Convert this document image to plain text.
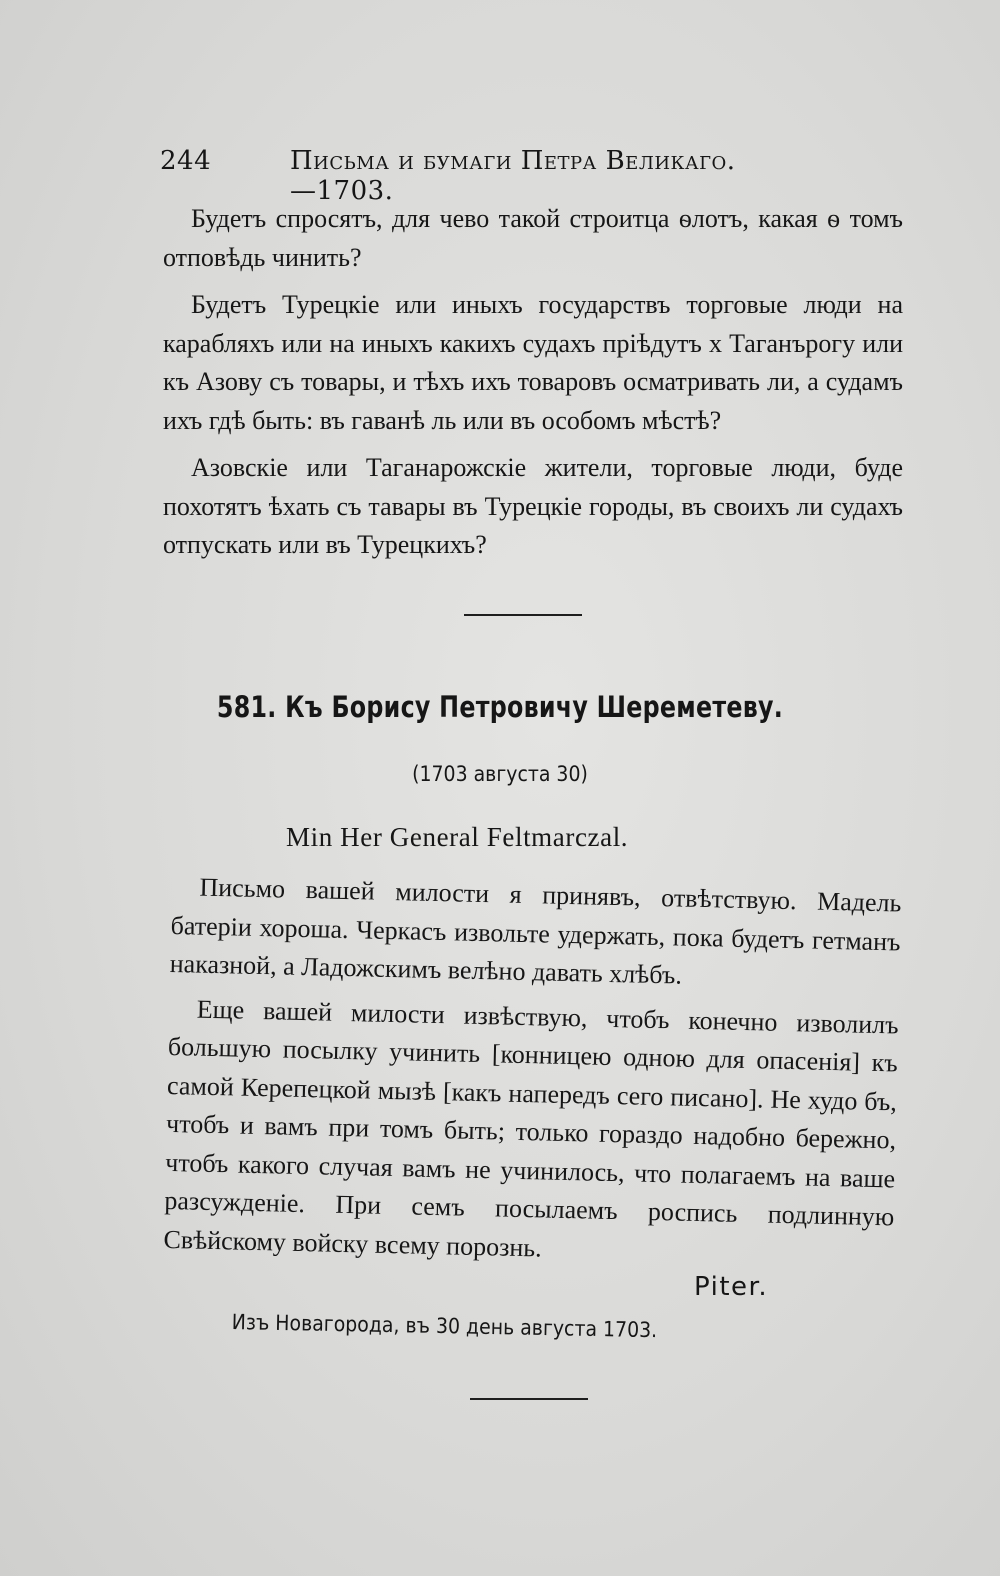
244	Письма и бумаги Петра Великаго.—1703.

Будетъ спросятъ, для чево такой строитца ѳлотъ, какая ѳ томъ отповѣдь чинить?

Будетъ Турецкіе или иныхъ государствъ торговые люди на карабляхъ или на иныхъ какихъ судахъ пріѣдутъ х Таганърогу или къ Азову съ товары, и тѣхъ ихъ товаровъ осматривать ли, а судамъ ихъ гдѣ быть: въ гаванѣ ль или въ особомъ мѣстѣ?

Азовскіе или Таганарожскіе жители, торговые люди, буде похотятъ ѣхать съ тавары въ Турецкіе городы, въ своихъ ли судахъ отпускать или въ Турецкихъ?

581. Къ Борису Петровичу Шереметеву.
(1703 августа 30)
Min Her General Feltmarczal.

Письмо вашей милости я принявъ, отвѣтствую. Мадель батеріи хороша. Черкасъ извольте удержать, пока будетъ гетманъ наказной, а Ладожскимъ велѣно давать хлѣбъ.

Еще вашей милости извѣствую, чтобъ конечно изволилъ большую посылку учинить [конницею одною для опасенія] къ самой Керепецкой мызѣ [какъ напередъ сего писано]. Не худо бъ, чтобъ и вамъ при томъ быть; только гораздо надобно бережно, чтобъ какого случая вамъ не учинилось, что полагаемъ на ваше разсужденіе. При семъ посылаемъ роспись подлинную Свѣйскому войску всему порознь.

Piter.
Изъ Новагорода, въ 30 день августа 1703.
